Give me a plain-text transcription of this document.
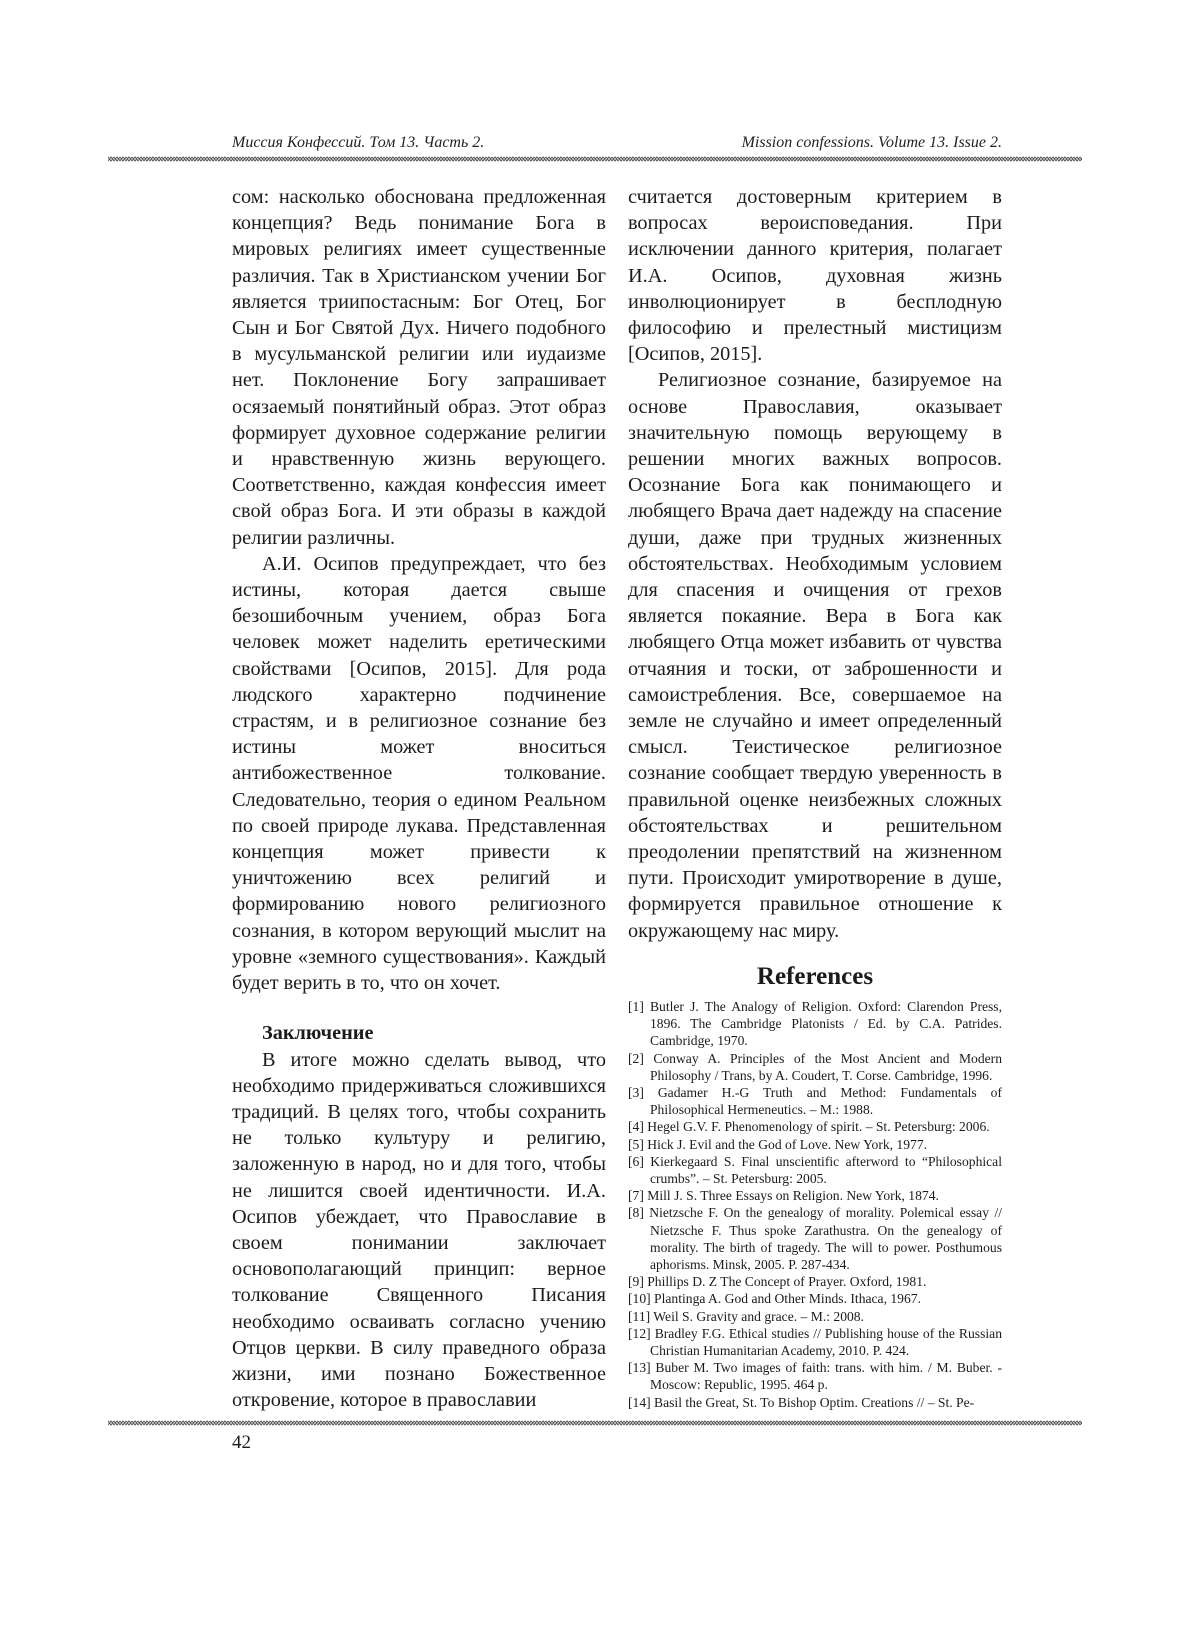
Миссия Конфессий. Том 13. Часть 2.	Mission confessions. Volume 13. Issue 2.

сом: насколько обоснована предложенная концепция? Ведь понимание Бога в мировых религиях имеет существенные различия. Так в Христианском учении Бог является триипостасным: Бог Отец, Бог Сын и Бог Святой Дух. Ничего подобного в мусульманской религии или иудаизме нет. Поклонение Богу запрашивает осязаемый понятийный образ. Этот образ формирует духовное содержание религии и нравственную жизнь верующего. Соответственно, каждая конфессия имеет свой образ Бога. И эти образы в каждой религии различны.

А.И. Осипов предупреждает, что без истины, которая дается свыше безошибочным учением, образ Бога человек может наделить еретическими свойствами [Осипов, 2015]. Для рода людского характерно подчинение страстям, и в религиозное сознание без истины может вноситься антибожественное толкование. Следовательно, теория о едином Реальном по своей природе лукава. Представленная концепция может привести к уничтожению всех религий и формированию нового религиозного сознания, в котором верующий мыслит на уровне «земного существования». Каждый будет верить в то, что он хочет.

Заключение

В итоге можно сделать вывод, что необходимо придерживаться сложившихся традиций. В целях того, чтобы сохранить не только культуру и религию, заложенную в народ, но и для того, чтобы не лишится своей идентичности. И.А. Осипов убеждает, что Православие в своем понимании заключает основополагающий принцип: верное толкование Священного Писания необходимо осваивать согласно учению Отцов церкви. В силу праведного образа жизни, ими познано Божественное откровение, которое в православии

считается достоверным критерием в вопросах вероисповедания. При исключении данного критерия, полагает И.А. Осипов, духовная жизнь инволюционирует в бесплодную философию и прелестный мистицизм [Осипов, 2015].

Религиозное сознание, базируемое на основе Православия, оказывает значительную помощь верующему в решении многих важных вопросов. Осознание Бога как понимающего и любящего Врача дает надежду на спасение души, даже при трудных жизненных обстоятельствах. Необходимым условием для спасения и очищения от грехов является покаяние. Вера в Бога как любящего Отца может избавить от чувства отчаяния и тоски, от заброшенности и самоистребления. Все, совершаемое на земле не случайно и имеет определенный смысл. Теистическое религиозное сознание сообщает твердую уверенность в правильной оценке неизбежных сложных обстоятельствах и решительном преодолении препятствий на жизненном пути. Происходит умиротворение в душе, формируется правильное отношение к окружающему нас миру.

References
[1] Butler J. The Analogy of Religion. Oxford: Clarendon Press, 1896. The Cambridge Platonists / Ed. by C.A. Patrides. Cambridge, 1970.
[2] Conway A. Principles of the Most Ancient and Modern Philosophy / Trans, by A. Coudert, T. Corse. Cambridge, 1996.
[3] Gadamer H.-G Truth and Method: Fundamentals of Philosophical Hermeneutics. – M.: 1988.
[4] Hegel G.V. F. Phenomenology of spirit. – St. Petersburg: 2006.
[5] Hick J. Evil and the God of Love. New York, 1977.
[6] Kierkegaard S. Final unscientific afterword to “Philosophical crumbs”. – St. Petersburg: 2005.
[7] Mill J. S. Three Essays on Religion. New York, 1874.
[8] Nietzsche F. On the genealogy of morality. Polemical essay // Nietzsche F. Thus spoke Zarathustra. On the genealogy of morality. The birth of tragedy. The will to power. Posthumous aphorisms. Minsk, 2005. P. 287-434.
[9] Phillips D. Z The Concept of Prayer. Oxford, 1981.
[10] Plantinga A. God and Other Minds. Ithaca, 1967.
[11] Weil S. Gravity and grace. – M.: 2008.
[12] Bradley F.G. Ethical studies // Publishing house of the Russian Christian Humanitarian Academy, 2010. P. 424.
[13] Buber M. Two images of faith: trans. with him. / M. Buber. - Moscow: Republic, 1995. 464 p.
[14] Basil the Great, St. To Bishop Optim. Creations // – St. Pe-
42
